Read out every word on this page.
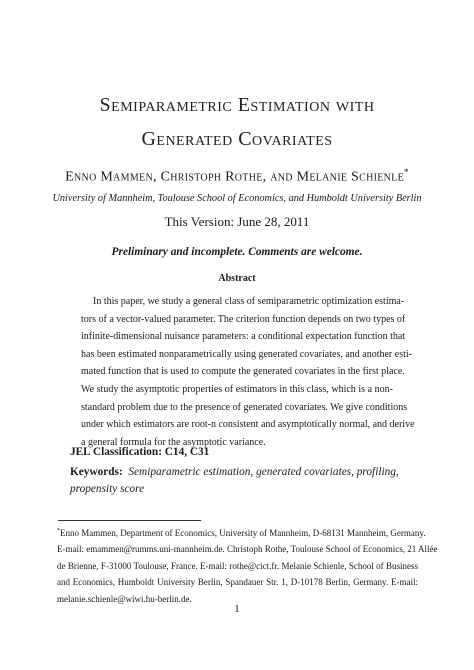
Semiparametric Estimation with
Generated Covariates
Enno Mammen, Christoph Rothe, and Melanie Schienle*
University of Mannheim, Toulouse School of Economics, and Humboldt University Berlin
This Version: June 28, 2011
Preliminary and incomplete. Comments are welcome.
Abstract
In this paper, we study a general class of semiparametric optimization estima-
tors of a vector-valued parameter. The criterion function depends on two types of
infinite-dimensional nuisance parameters: a conditional expectation function that
has been estimated nonparametrically using generated covariates, and another esti-
mated function that is used to compute the generated covariates in the first place.
We study the asymptotic properties of estimators in this class, which is a non-
standard problem due to the presence of generated covariates. We give conditions
under which estimators are root-n consistent and asymptotically normal, and derive
a general formula for the asymptotic variance.
JEL Classification: C14, C31
Keywords: Semiparametric estimation, generated covariates, profiling, propensity score
*Enno Mammen, Department of Economics, University of Mannheim, D-68131 Mannheim, Germany.
E-mail: emammen@rumms.uni-mannheim.de. Christoph Rothe, Toulouse School of Economics, 21 Allée
de Brienne, F-31000 Toulouse, France. E-mail: rothe@cict.fr. Melanie Schienle, School of Business
and Economics, Humboldt University Berlin, Spandauer Str. 1, D-10178 Berlin, Germany. E-mail:
melanie.schienle@wiwi.hu-berlin.de.
1
